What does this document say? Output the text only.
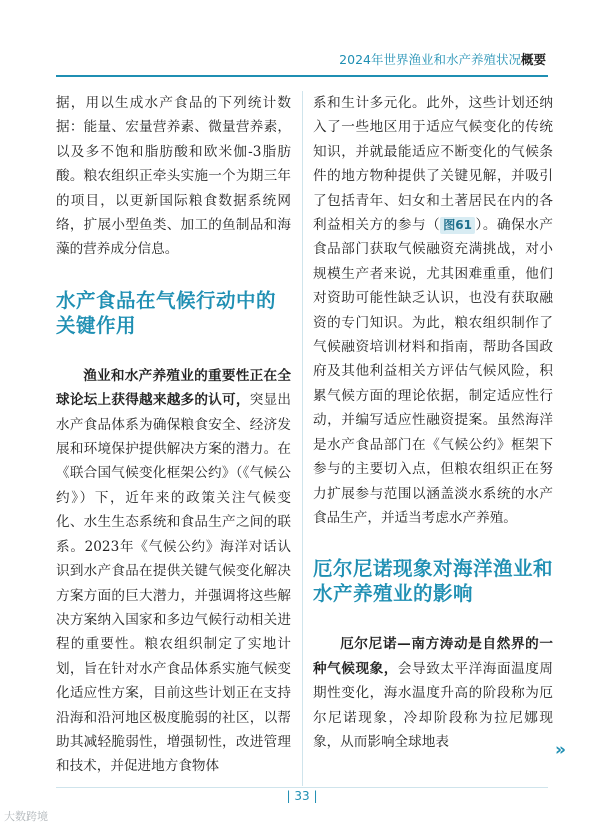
2024年世界渔业和水产养殖状况概要

据，用以生成水产食品的下列统计数据：能量、宏量营养素、微量营养素，以及多不饱和脂肪酸和欧米伽-3脂肪酸。粮农组织正牵头实施一个为期三年的项目，以更新国际粮食数据系统网络，扩展小型鱼类、加工的鱼制品和海藻的营养成分信息。

水产食品在气候行动中的关键作用

渔业和水产养殖业的重要性正在全球论坛上获得越来越多的认可，突显出水产食品体系为确保粮食安全、经济发展和环境保护提供解决方案的潜力。在《联合国气候变化框架公约》（《气候公约》）下，近年来的政策关注气候变化、水生生态系统和食品生产之间的联系。2023年《气候公约》海洋对话认识到水产食品在提供关键气候变化解决方案方面的巨大潜力，并强调将这些解决方案纳入国家和多边气候行动相关进程的重要性。粮农组织制定了实地计划，旨在针对水产食品体系实施气候变化适应性方案，目前这些计划正在支持沿海和沿河地区极度脆弱的社区，以帮助其减轻脆弱性，增强韧性，改进管理和技术，并促进地方食物体

系和生计多元化。此外，这些计划还纳入了一些地区用于适应气候变化的传统知识，并就最能适应不断变化的气候条件的地方物种提供了关键见解，并吸引了包括青年、妇女和土著居民在内的各利益相关方的参与（ 图61 ）。确保水产食品部门获取气候融资充满挑战，对小规模生产者来说，尤其困难重重，他们对资助可能性缺乏认识，也没有获取融资的专门知识。为此，粮农组织制作了气候融资培训材料和指南，帮助各国政府及其他利益相关方评估气候风险，积累气候方面的理论依据，制定适应性行动，并编写适应性融资提案。虽然海洋是水产食品部门在《气候公约》框架下参与的主要切入点，但粮农组织正在努力扩展参与范围以涵盖淡水系统的水产食品生产，并适当考虑水产养殖。

厄尔尼诺现象对海洋渔业和水产养殖业的影响

厄尔尼诺—南方涛动是自然界的一种气候现象，会导致太平洋海面温度周期性变化，海水温度升高的阶段称为厄尔尼诺现象，冷却阶段称为拉尼娜现象，从而影响全球地表	»
| 33 |
大数跨境
